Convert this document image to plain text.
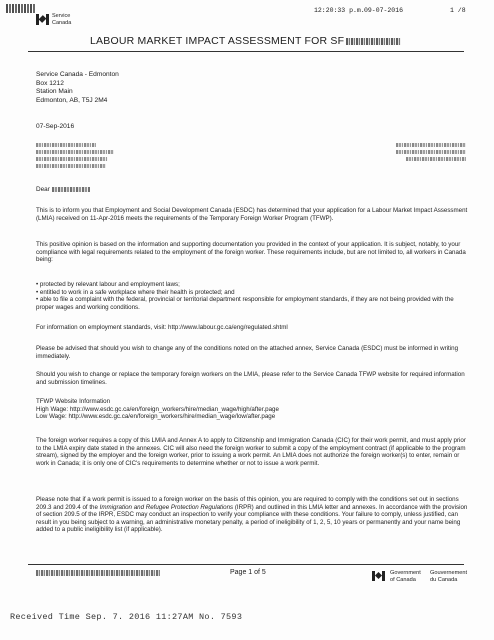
12:20:33 p.m. 09-07-2016	1 /8
Service
Canada
LABOUR MARKET IMPACT ASSESSMENT FOR SF
Service Canada - Edmonton
Box 1212
Station Main
Edmonton, AB, T5J 2M4
07-Sep-2016
Dear
This is to inform you that Employment and Social Development Canada (ESDC) has determined that your application for a Labour Market Impact Assessment (LMIA) received on 11-Apr-2016 meets the requirements of the Temporary Foreign Worker Program (TFWP).
This positive opinion is based on the information and supporting documentation you provided in the context of your application. It is subject, notably, to your compliance with legal requirements related to the employment of the foreign worker. These requirements include, but are not limited to, all workers in Canada being:
• protected by relevant labour and employment laws;
• entitled to work in a safe workplace where their health is protected; and
• able to file a complaint with the federal, provincial or territorial department responsible for employment standards, if they are not being provided with the proper wages and working conditions.
For information on employment standards, visit: http://www.labour.gc.ca/eng/regulated.shtml
Please be advised that should you wish to change any of the conditions noted on the attached annex, Service Canada (ESDC) must be informed in writing immediately.
Should you wish to change or replace the temporary foreign workers on the LMIA, please refer to the Service Canada TFWP website for required information and submission timelines.
TFWP Website Information
High Wage: http://www.esdc.gc.ca/en/foreign_workers/hire/median_wage/high/after.page
Low Wage: http://www.esdc.gc.ca/en/foreign_workers/hire/median_wage/low/after.page
The foreign worker requires a copy of this LMIA and Annex A to apply to Citizenship and Immigration Canada (CIC) for their work permit, and must apply prior to the LMIA expiry date stated in the annexes. CIC will also need the foreign worker to submit a copy of the employment contract (if applicable to the program stream), signed by the employer and the foreign worker, prior to issuing a work permit. An LMIA does not authorize the foreign worker(s) to enter, remain or work in Canada; it is only one of CIC's requirements to determine whether or not to issue a work permit.
Please note that if a work permit is issued to a foreign worker on the basis of this opinion, you are required to comply with the conditions set out in sections 209.3 and 209.4 of the Immigration and Refugee Protection Regulations (IRPR) and outlined in this LMIA letter and annexes. In accordance with the provision of section 209.5 of the IRPR, ESDC may conduct an inspection to verify your compliance with these conditions. Your failure to comply, unless justified, can result in you being subject to a warning, an administrative monetary penalty, a period of ineligibility of 1, 2, 5, 10 years or permanently and your name being added to a public ineligibility list (if applicable).
Page 1 of 5	Government
of Canada
Gouvernement
du Canada
Received Time Sep. 7. 2016 11:27AM No. 7593
